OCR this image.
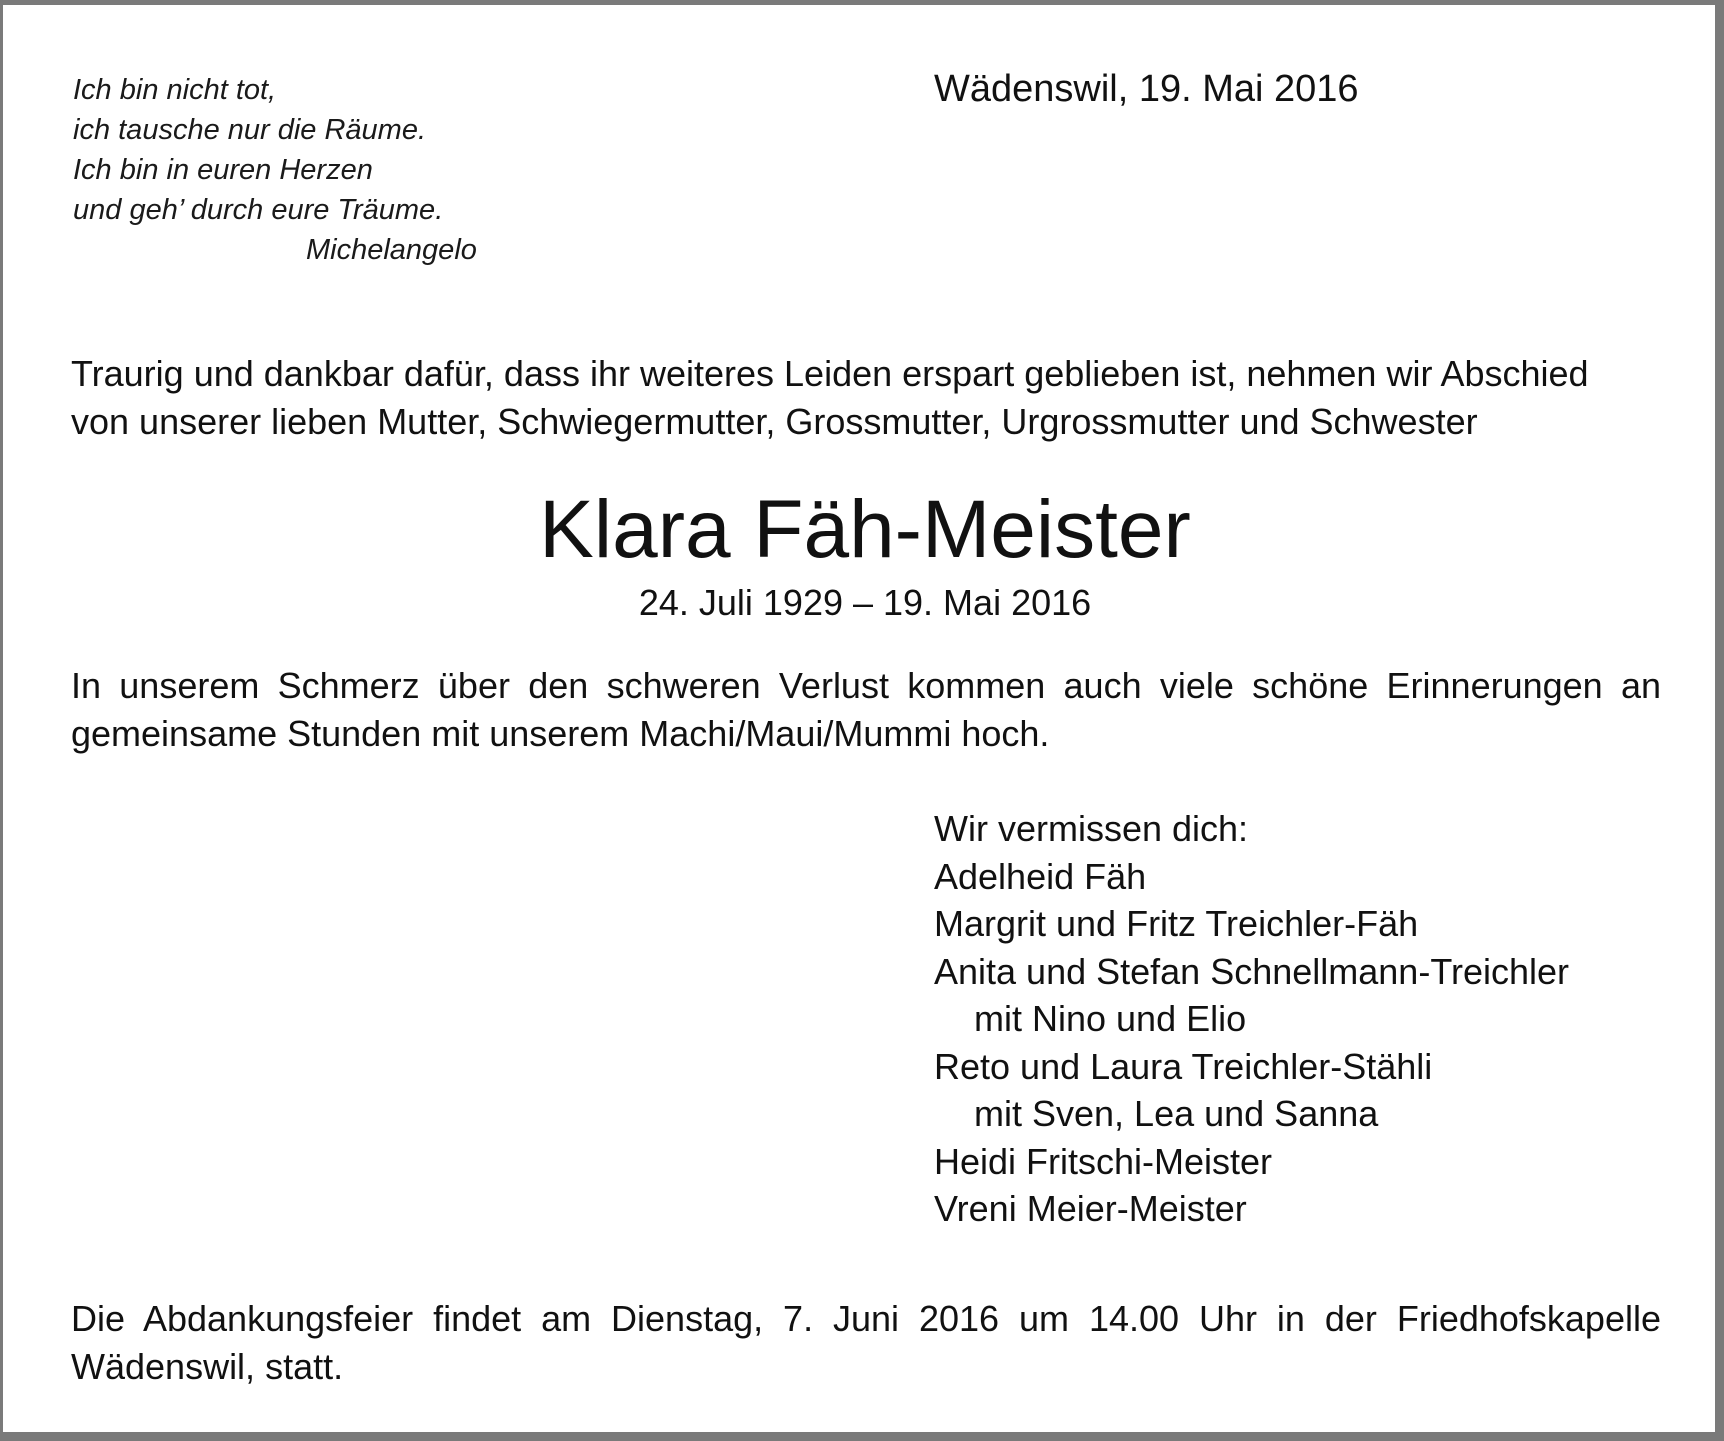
Ich bin nicht tot,
ich tausche nur die Räume.
Ich bin in euren Herzen
und geh’ durch eure Träume.
Michelangelo
Wädenswil, 19. Mai 2016
Traurig und dankbar dafür, dass ihr weiteres Leiden erspart geblieben ist, nehmen wir Abschied
von unserer lieben Mutter, Schwiegermutter, Grossmutter, Urgrossmutter und Schwester
Klara Fäh-Meister
24. Juli 1929 – 19. Mai 2016
In unserem Schmerz über den schweren Verlust kommen auch viele schöne Erinnerungen an gemeinsame Stunden mit unserem Machi/Maui/Mummi hoch.
Wir vermissen dich:
Adelheid Fäh
Margrit und Fritz Treichler-Fäh
Anita und Stefan Schnellmann-Treichler
mit Nino und Elio
Reto und Laura Treichler-Stähli
mit Sven, Lea und Sanna
Heidi Fritschi-Meister
Vreni Meier-Meister
Die Abdankungsfeier findet am Dienstag, 7. Juni 2016 um 14.00 Uhr in der Friedhofskapelle Wädenswil, statt.
